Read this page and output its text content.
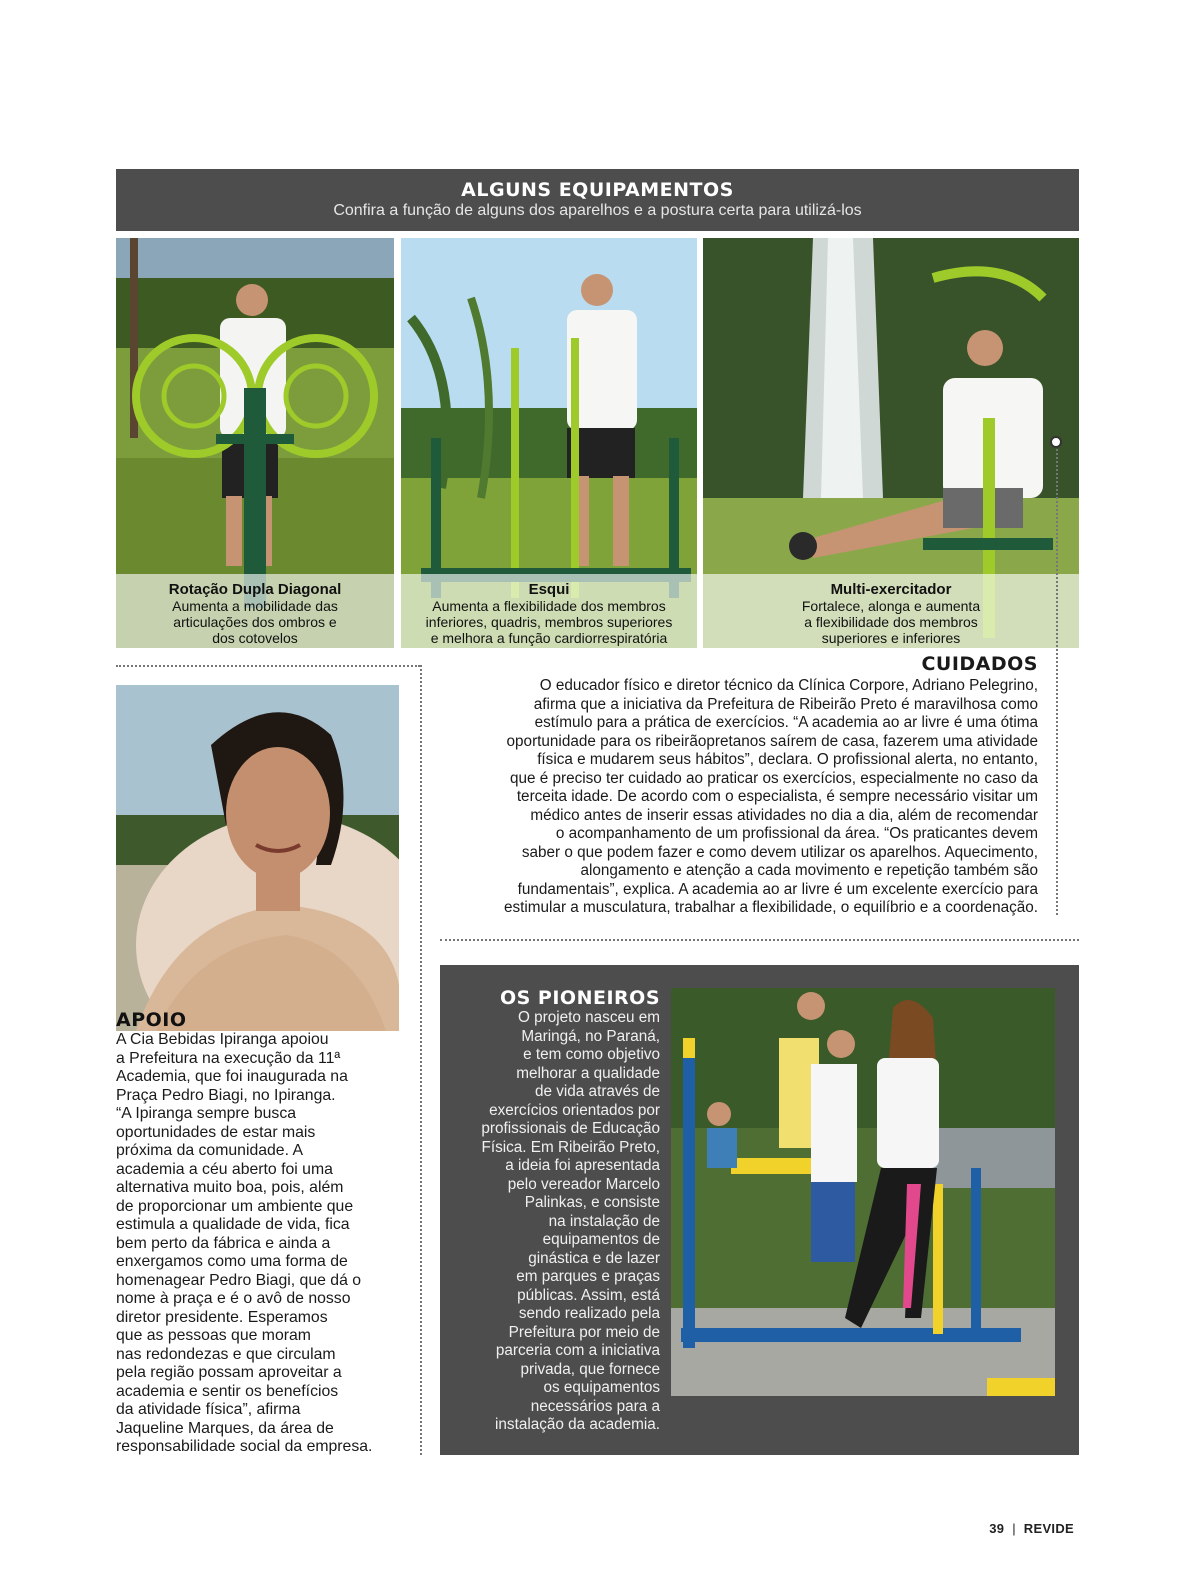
ALGUNS EQUIPAMENTOS
Confira a função de alguns dos aparelhos e a postura certa para utilizá-los
Rotação Dupla Diagonal
Aumenta a mobilidade das
articulações dos ombros e
dos cotovelos
Esqui
Aumenta a flexibilidade dos membros
inferiores, quadris, membros superiores
e melhora a função cardiorrespiratória
Multi-exercitador
Fortalece, alonga e aumenta
a flexibilidade dos membros
superiores e inferiores
CUIDADOS
O educador físico e diretor técnico da Clínica Corpore, Adriano Pelegrino,
afirma que a iniciativa da Prefeitura de Ribeirão Preto é maravilhosa como
estímulo para a prática de exercícios. “A academia ao ar livre é uma ótima
oportunidade para os ribeirãopretanos saírem de casa, fazerem uma atividade
física e mudarem seus hábitos”, declara. O profissional alerta, no entanto,
que é preciso ter cuidado ao praticar os exercícios, especialmente no caso da
terceita idade. De acordo com o especialista, é sempre necessário visitar um
médico antes de inserir essas atividades no dia a dia, além de recomendar
o acompanhamento de um profissional da área. “Os praticantes devem
saber o que podem fazer e como devem utilizar os aparelhos. Aquecimento,
alongamento e atenção a cada movimento e repetição também são
fundamentais”, explica. A academia ao ar livre é um excelente exercício para
estimular a musculatura, trabalhar a flexibilidade, o equilíbrio e a coordenação.
APOIO
A Cia Bebidas Ipiranga apoiou
a Prefeitura na execução da 11ª
Academia, que foi inaugurada na
Praça Pedro Biagi, no Ipiranga.
“A Ipiranga sempre busca
oportunidades de estar mais
próxima da comunidade. A
academia a céu aberto foi uma
alternativa muito boa, pois, além
de proporcionar um ambiente que
estimula a qualidade de vida, fica
bem perto da fábrica e ainda a
enxergamos como uma forma de
homenagear Pedro Biagi, que dá o
nome à praça e é o avô de nosso
diretor presidente. Esperamos
que as pessoas que moram
nas redondezas e que circulam
pela região possam aproveitar a
academia e sentir os benefícios
da atividade física”, afirma
Jaqueline Marques, da área de
responsabilidade social da empresa.
OS PIONEIROS
O projeto nasceu em
Maringá, no Paraná,
e tem como objetivo
melhorar a qualidade
de vida através de
exercícios orientados por
profissionais de Educação
Física. Em Ribeirão Preto,
a ideia foi apresentada
pelo vereador Marcelo
Palinkas, e consiste
na instalação de
equipamentos de
ginástica e de lazer
em parques e praças
públicas. Assim, está
sendo realizado pela
Prefeitura por meio de
parceria com a iniciativa
privada, que fornece
os equipamentos
necessários para a
instalação da academia.
39 | REVIDE
